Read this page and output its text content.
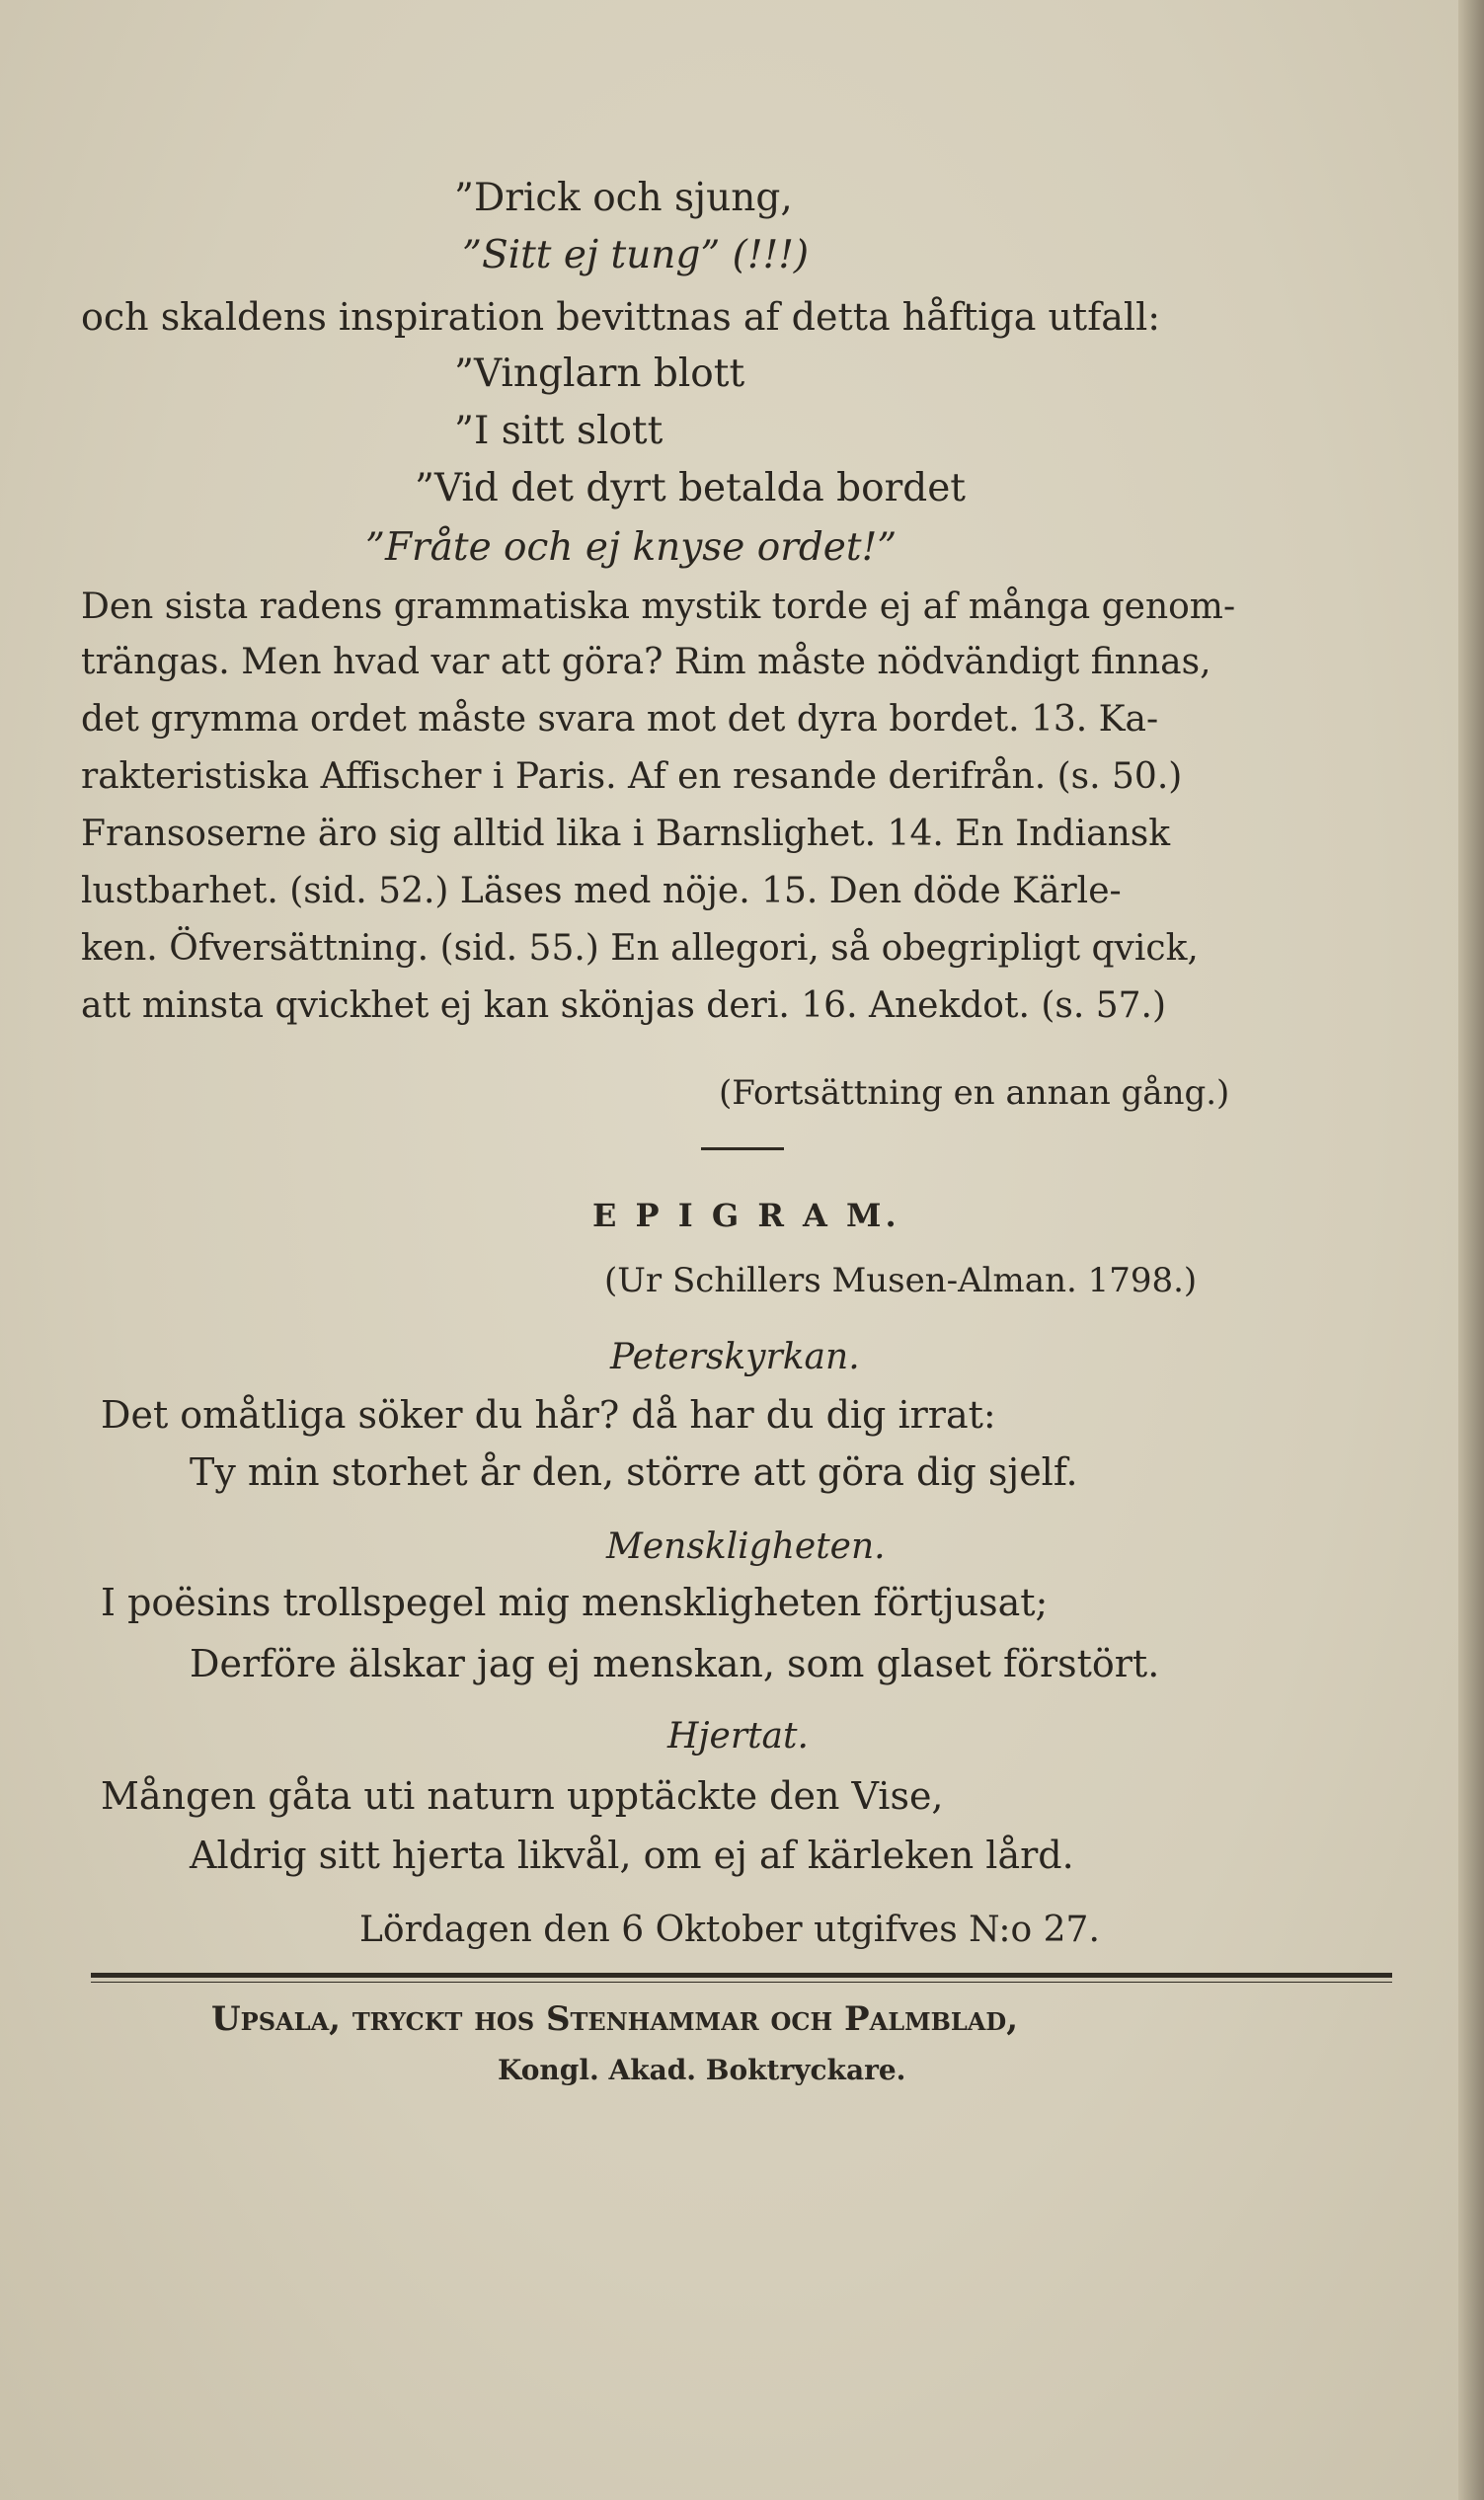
”Drick och sjung,
”Sitt ej tung” (!!!)
och skaldens inspiration bevittnas af detta håftiga utfall:
”Vinglarn blott
”I sitt slott
”Vid det dyrt betalda bordet
”Fråte och ej knyse ordet!”
Den sista radens grammatiska mystik torde ej af många genom-
trängas. Men hvad var att göra? Rim måste nödvändigt finnas,
det grymma ordet måste svara mot det dyra bordet. 13. Ka-
rakteristiska Affischer i Paris. Af en resande derifrån. (s. 50.)
Fransoserne äro sig alltid lika i Barnslighet. 14. En Indiansk
lustbarhet. (sid. 52.) Läses med nöje. 15. Den döde Kärle-
ken. Öfversättning. (sid. 55.) En allegori, så obegripligt qvick,
att minsta qvickhet ej kan skönjas deri. 16. Anekdot. (s. 57.)
(Fortsättning en annan gång.)
E P I G R A M.
(Ur Schillers Musen-Alman. 1798.)
Peterskyrkan.
Det omåtliga söker du hår? då har du dig irrat:
Ty min storhet år den, större att göra dig sjelf.
Menskligheten.
I poësins trollspegel mig menskligheten förtjusat;
Derföre älskar jag ej menskan, som glaset förstört.
Hjertat.
Mången gåta uti naturn upptäckte den Vise,
Aldrig sitt hjerta likvål, om ej af kärleken lård.
Lördagen den 6 Oktober utgifves N:o 27.
Upsala, tryckt hos Stenhammar och Palmblad,
Kongl. Akad. Boktryckare.
